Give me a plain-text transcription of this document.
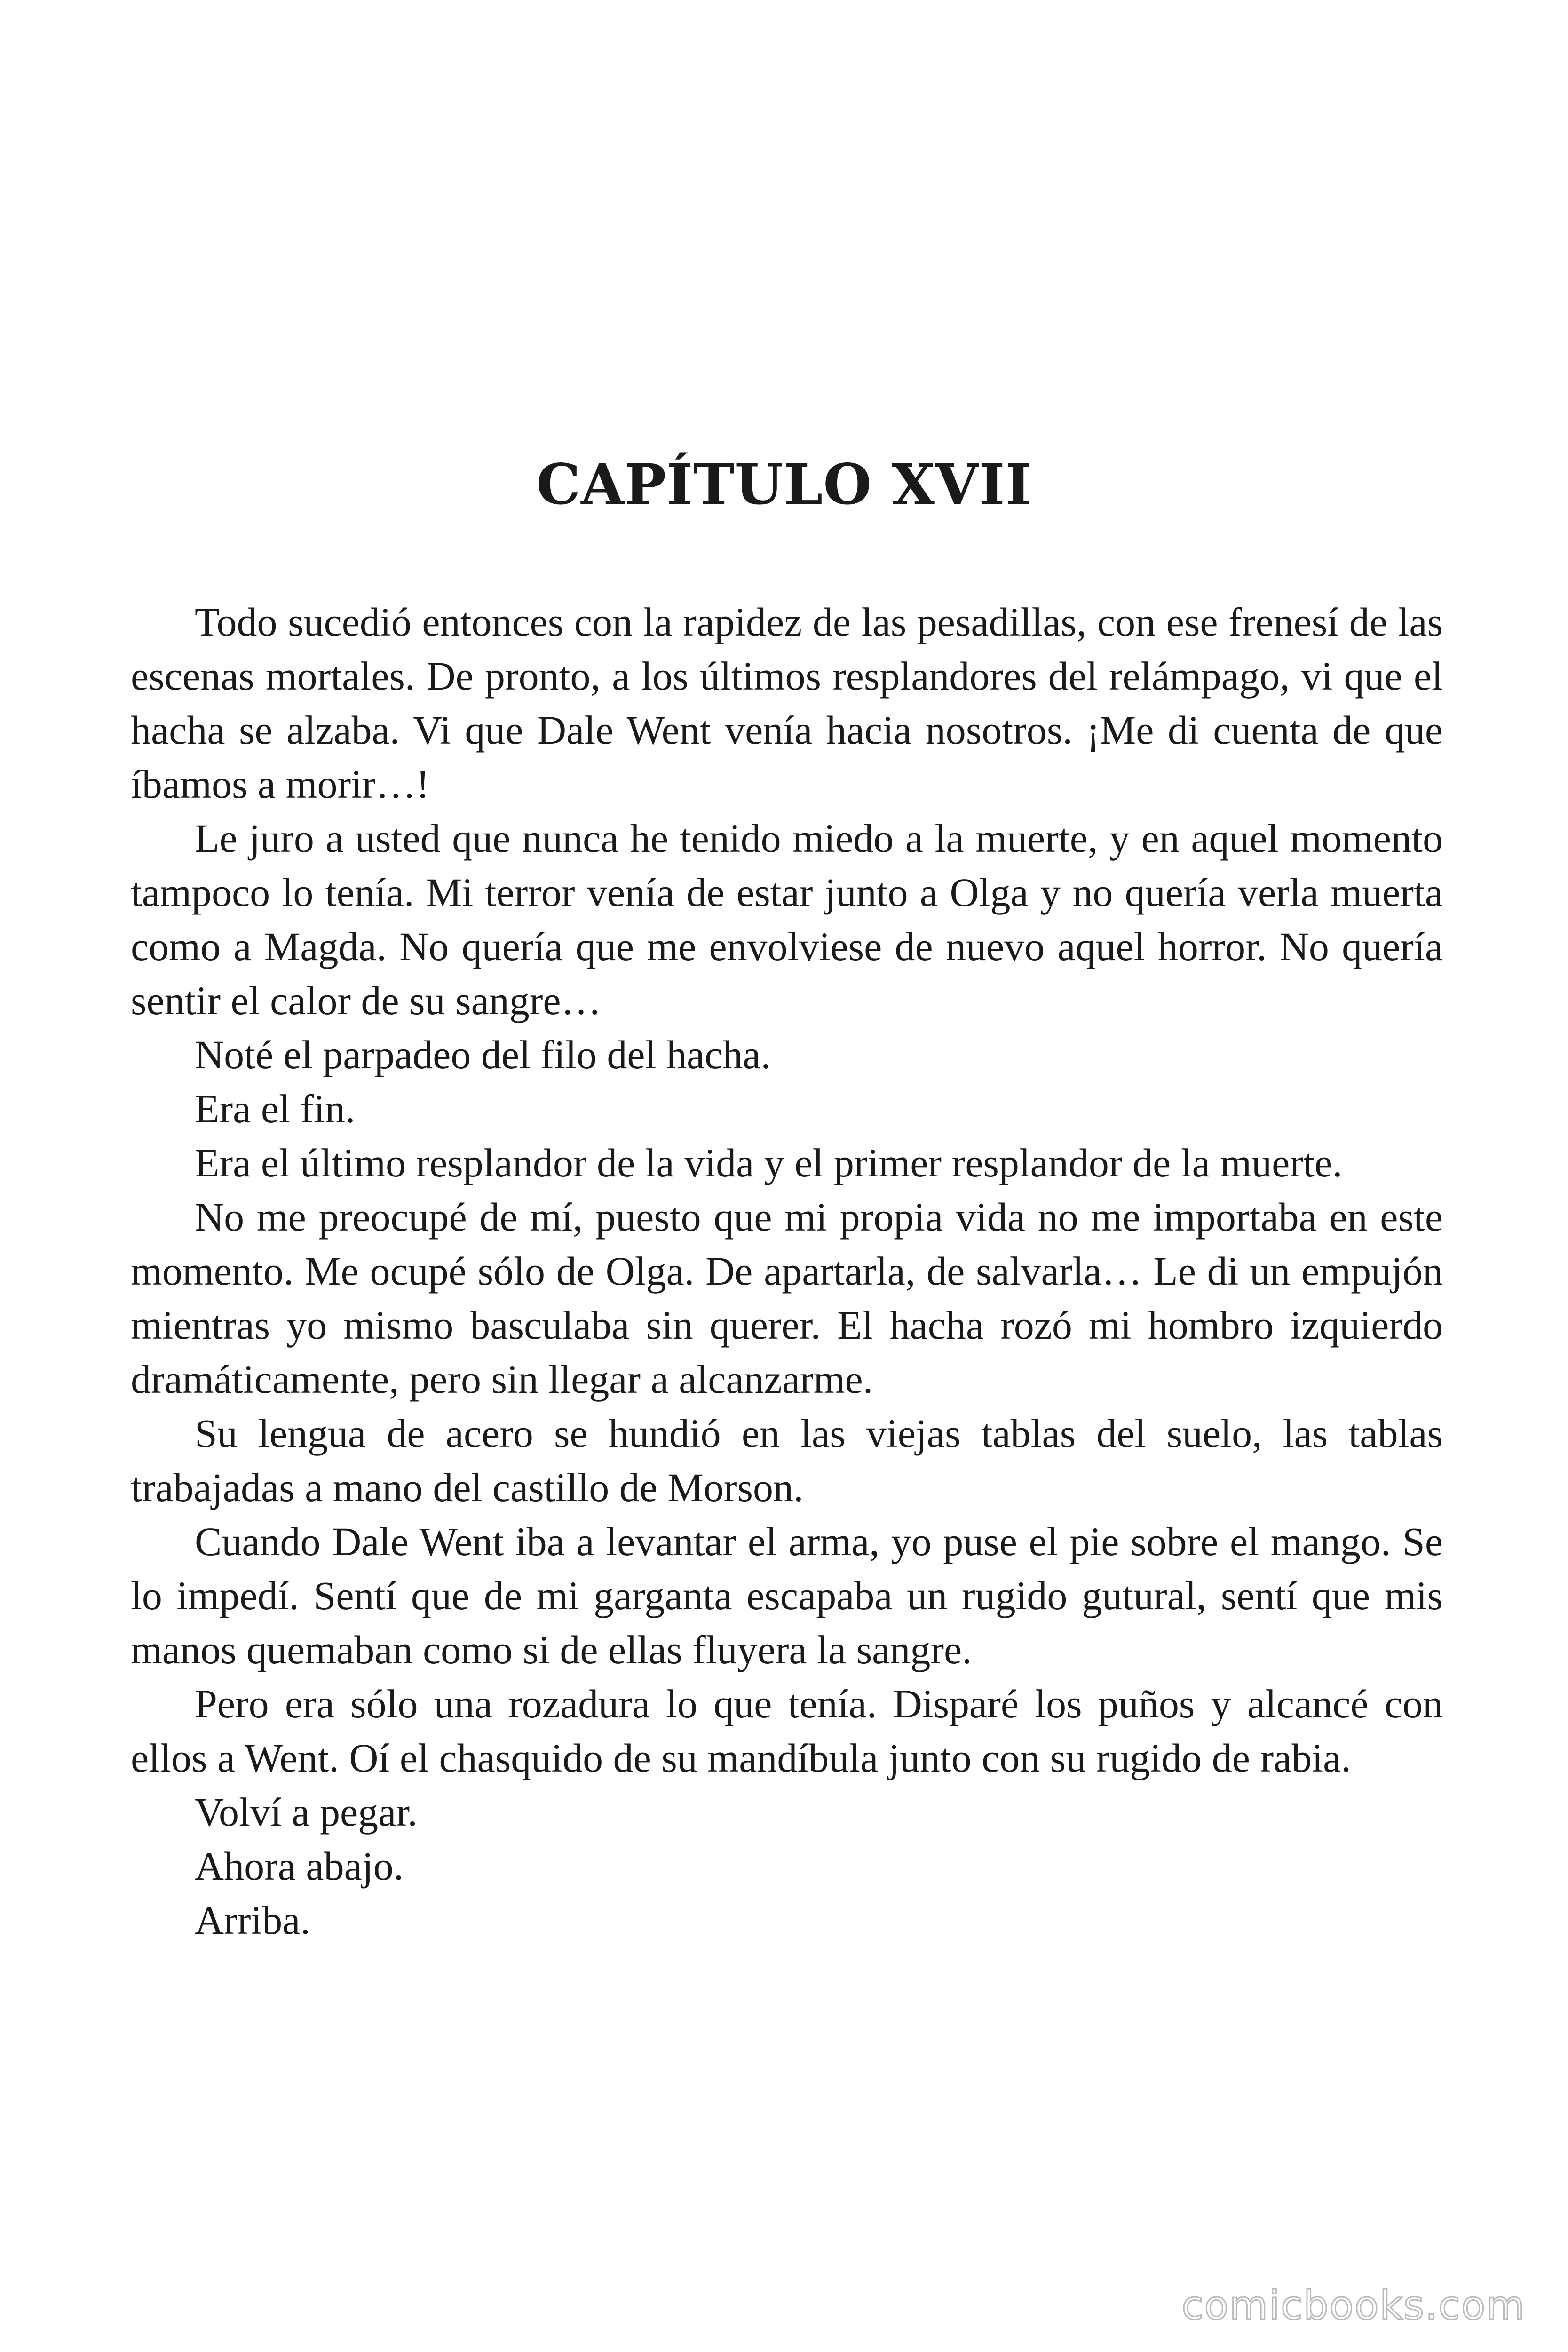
CAPÍTULO XVII

Todo sucedió entonces con la rapidez de las pesadillas, con ese frenesí de las escenas mortales. De pronto, a los últimos resplandores del relámpago, vi que el hacha se alzaba. Vi que Dale Went venía hacia nosotros. ¡Me di cuenta de que íbamos a morir…!

Le juro a usted que nunca he tenido miedo a la muerte, y en aquel momento tampoco lo tenía. Mi terror venía de estar junto a Olga y no quería verla muerta como a Magda. No quería que me envolviese de nuevo aquel horror. No quería sentir el calor de su sangre…

Noté el parpadeo del filo del hacha.

Era el fin.

Era el último resplandor de la vida y el primer resplandor de la muerte.

No me preocupé de mí, puesto que mi propia vida no me importaba en este momento. Me ocupé sólo de Olga. De apartarla, de salvarla… Le di un empujón mientras yo mismo basculaba sin querer. El hacha rozó mi hombro izquierdo dramáticamente, pero sin llegar a alcanzarme.

Su lengua de acero se hundió en las viejas tablas del suelo, las tablas trabajadas a mano del castillo de Morson.

Cuando Dale Went iba a levantar el arma, yo puse el pie sobre el mango. Se lo impedí. Sentí que de mi garganta escapaba un rugido gutural, sentí que mis manos quemaban como si de ellas fluyera la sangre.

Pero era sólo una rozadura lo que tenía. Disparé los puños y alcancé con ellos a Went. Oí el chasquido de su mandíbula junto con su rugido de rabia.

Volví a pegar.

Ahora abajo.

Arriba.

comicbooks.com
